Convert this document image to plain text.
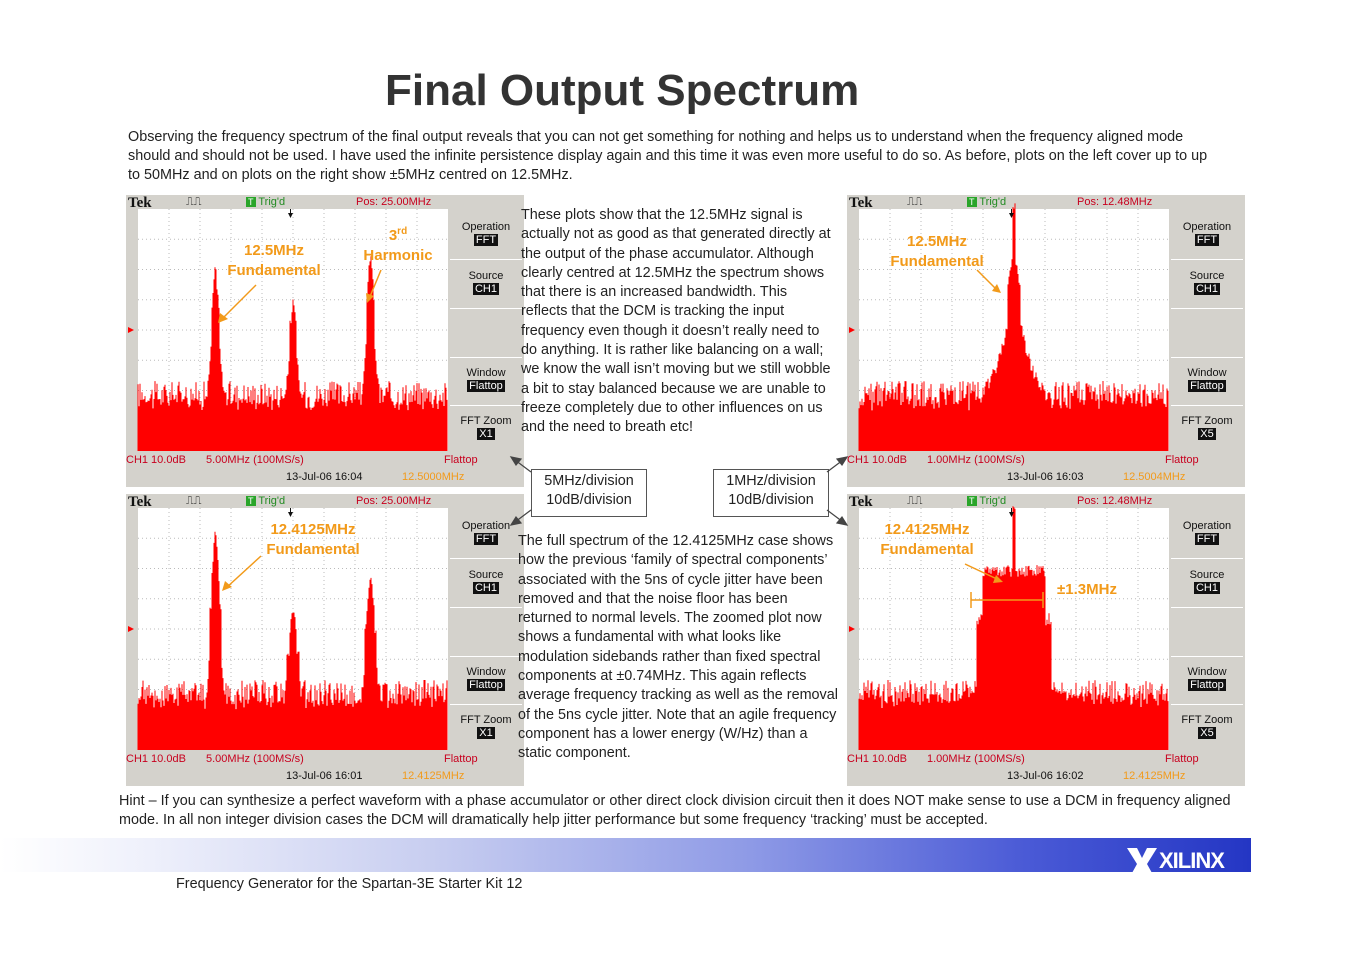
Final Output Spectrum
Observing the frequency spectrum of the final output reveals that you can not get something for nothing and helps us to understand when the frequency aligned mode should and should not be used. I have used the infinite persistence display again and this time it was even more useful to do so. As before, plots on the left cover up to up to 50MHz and on plots on the right show ±5MHz centred on 12.5MHz.
Tek	⎍⎍	T Trig'd	Pos: 25.00MHz
Operation
FFT
Source
CH1
Window
Flattop
FFT Zoom
X1
CH1 10.0dB 5.00MHz (100MS/s)	Flattop
13-Jul-06 16:04	12.5000MHz
12.5MHz
Fundamental
3rd
Harmonic
Tek	⎍⎍	T Trig'd	Pos: 12.48MHz
Operation
FFT
Source
CH1
Window
Flattop
FFT Zoom
X5
CH1 10.0dB 1.00MHz (100MS/s)	Flattop
13-Jul-06 16:03	12.5004MHz
12.5MHz
Fundamental
Tek	⎍⎍	T Trig'd	Pos: 25.00MHz
Operation
FFT
Source
CH1
Window
Flattop
FFT Zoom
X1
CH1 10.0dB 5.00MHz (100MS/s)	Flattop
13-Jul-06 16:01	12.4125MHz
12.4125MHz
Fundamental
Tek	⎍⎍	T Trig'd	Pos: 12.48MHz
Operation
FFT
Source
CH1
Window
Flattop
FFT Zoom
X5
CH1 10.0dB 1.00MHz (100MS/s)	Flattop
13-Jul-06 16:02	12.4125MHz
12.4125MHz
Fundamental
±1.3MHz
These plots show that the 12.5MHz signal is actually not as good as that generated directly at the output of the phase accumulator. Although clearly centred at 12.5MHz the spectrum shows that there is an increased bandwidth. This reflects that the DCM is tracking the input frequency even though it doesn’t really need to do anything. It is rather like balancing on a wall; we know the wall isn’t moving but we still wobble a bit to stay balanced because we are unable to freeze completely due to other influences on us and the need to breath etc!
The full spectrum of the 12.4125MHz case shows how the previous ‘family of spectral components’ associated with the 5ns of cycle jitter have been removed and that the noise floor has been returned to normal levels. The zoomed plot now shows a fundamental with what looks like modulation sidebands rather than fixed spectral components at ±0.74MHz. This again reflects average frequency tracking as well as the removal of the 5ns cycle jitter. Note that an agile frequency component has a lower energy (W/Hz) than a static component.
5MHz/division
10dB/division
1MHz/division
10dB/division
Hint – If you can synthesize a perfect waveform with a phase accumulator or other direct clock division circuit then it does NOT make sense to use a DCM in frequency aligned mode. In all non integer division cases the DCM will dramatically help jitter performance but some frequency ‘tracking’ must be accepted.
XILINX
Frequency Generator for the Spartan-3E Starter Kit 12
